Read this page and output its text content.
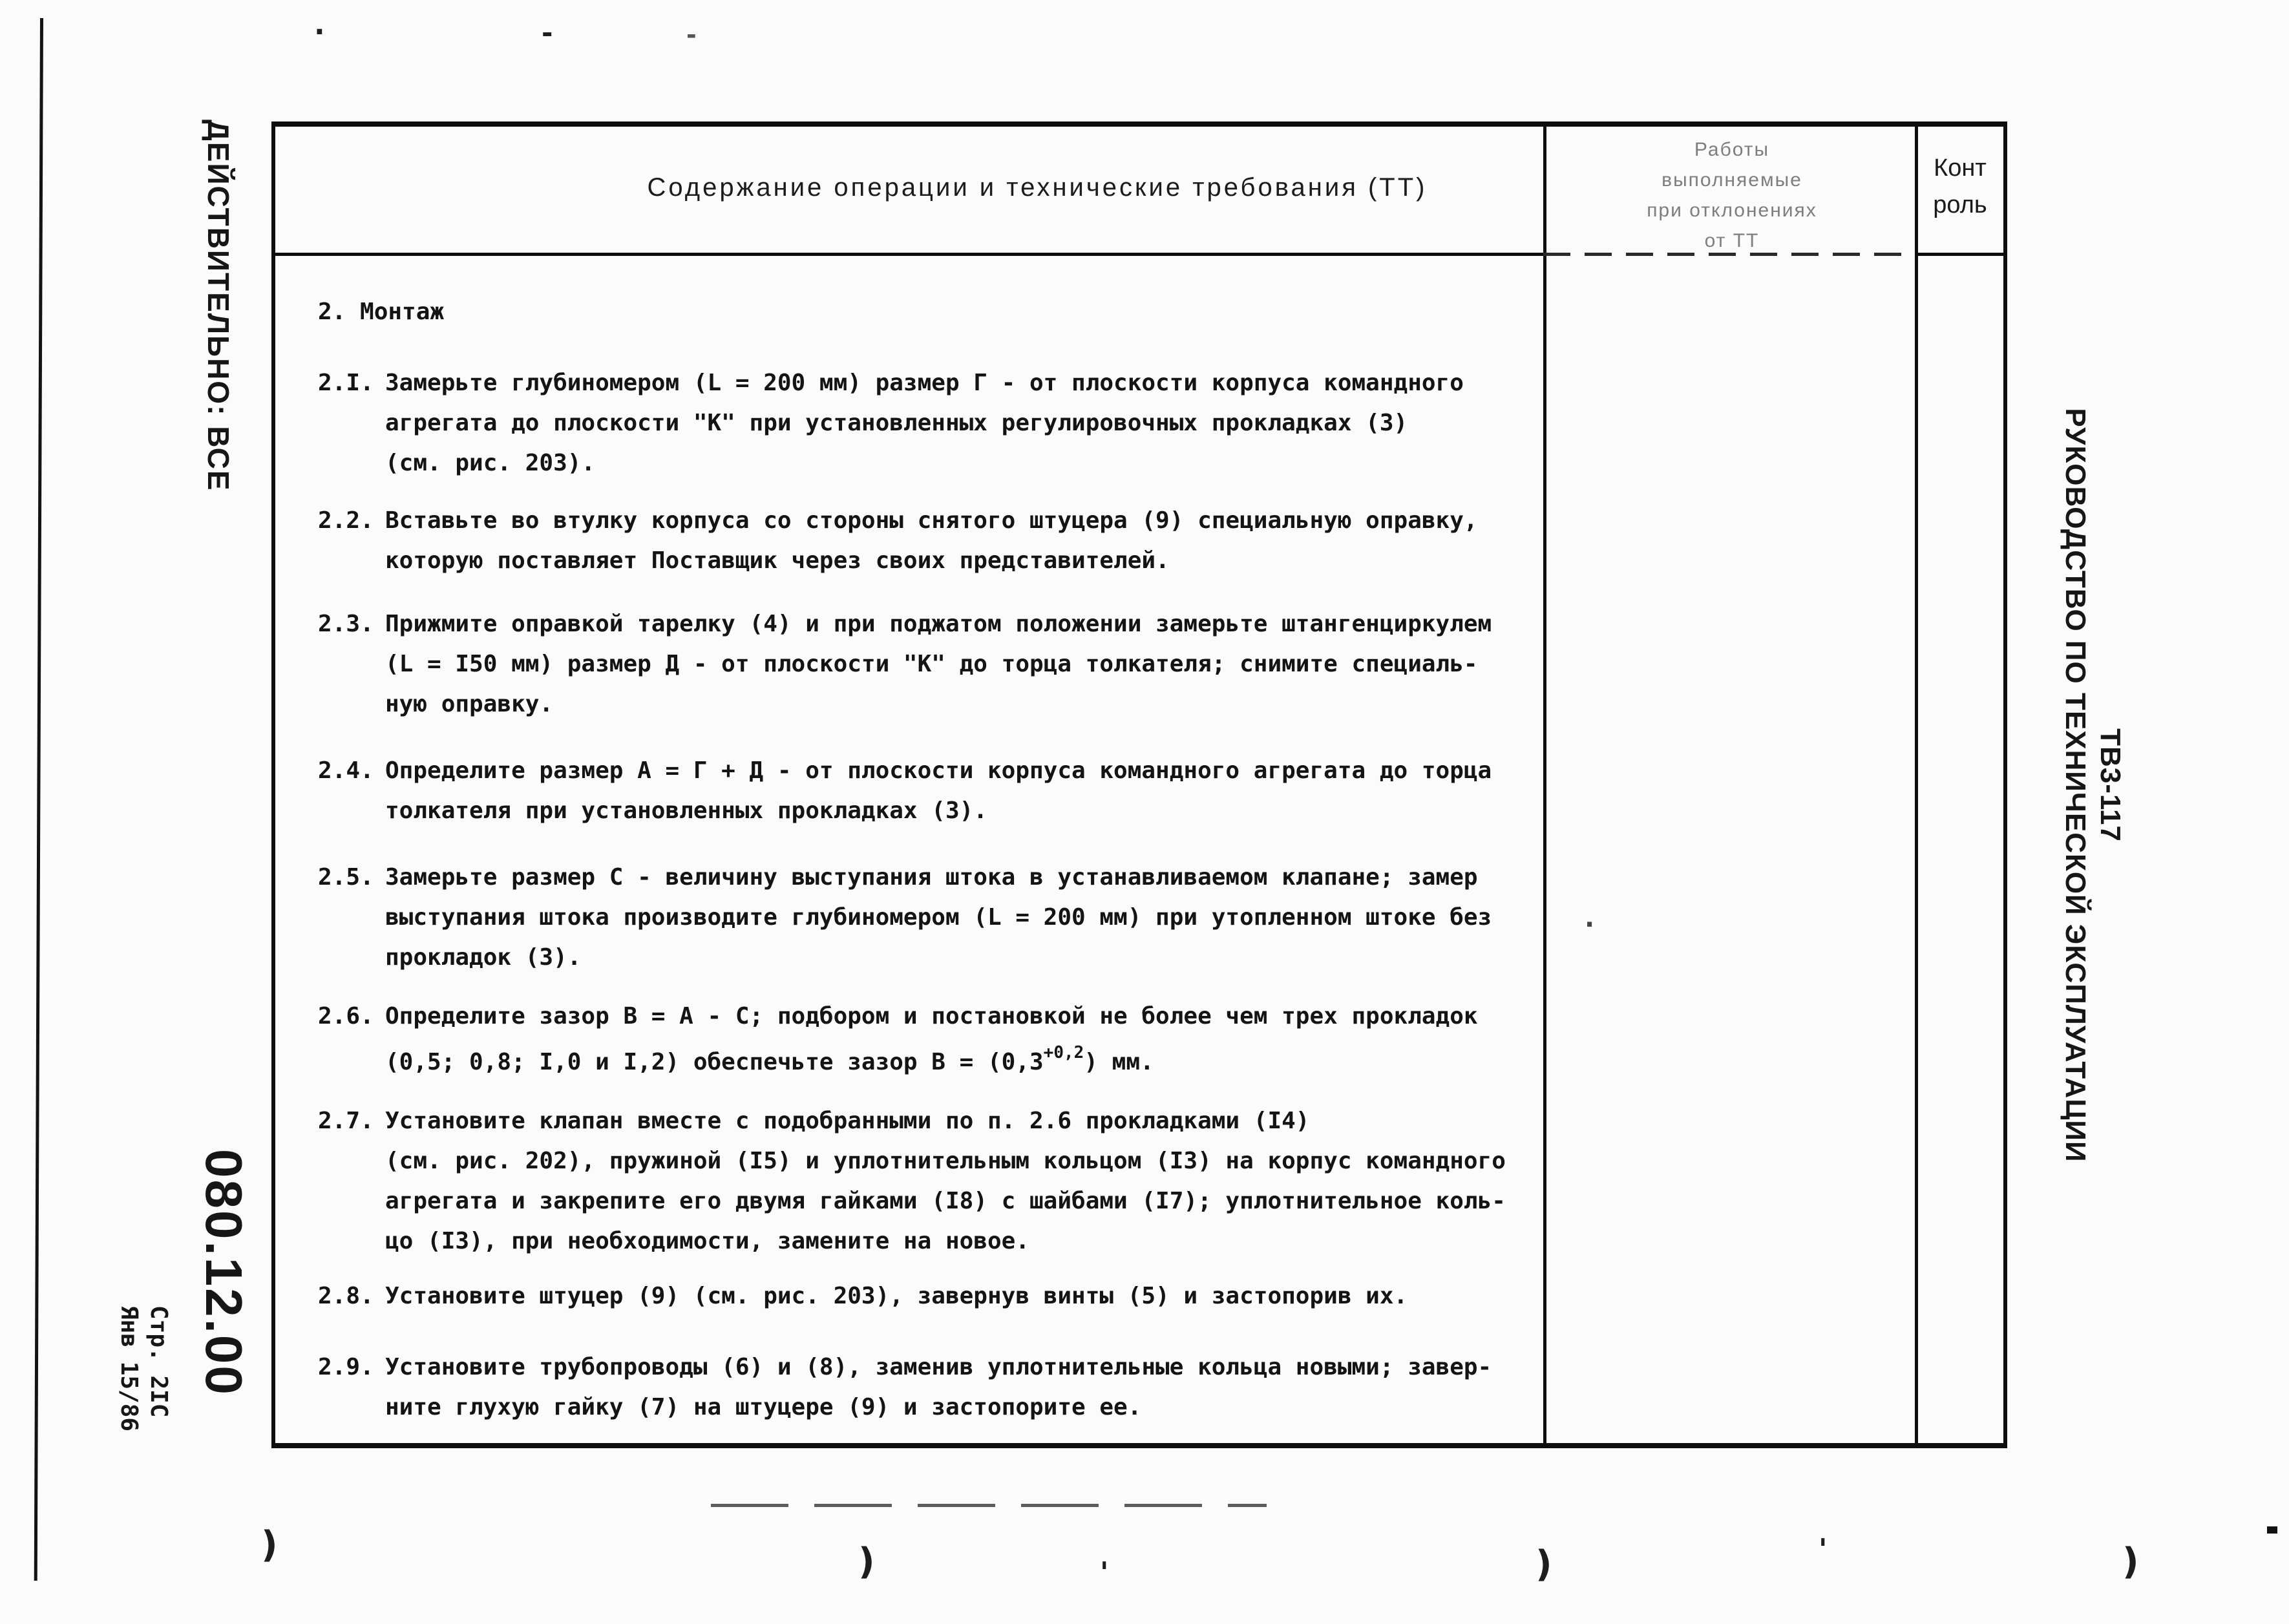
ДЕЙСТВИТЕЛЬНО: ВСЕ
080.12.00
Стр. 2IC
Янв 15/86
ТВ3-117
РУКОВОДСТВО ПО ТЕХНИЧЕСКОЙ ЭКСПЛУАТАЦИИ
Содержание операции и технические требования (ТТ)
Работы
выполняемые
при отклонениях
от ТТ
Конт
роль
2. Монтаж
2.I. Замерьте глубиномером (L = 200 мм) размер Г - от плоскости корпуса командного
агрегата до плоскости "К" при установленных регулировочных прокладках (3)
(см. рис. 203).
2.2. Вставьте во втулку корпуса со стороны снятого штуцера (9) специальную оправку,
которую поставляет Поставщик через своих представителей.
2.3. Прижмите оправкой тарелку (4) и при поджатом положении замерьте штангенциркулем
(L = I50 мм) размер Д - от плоскости "К" до торца толкателя; снимите специаль-
ную оправку.
2.4. Определите размер А = Г + Д - от плоскости корпуса командного агрегата до торца
толкателя при установленных прокладках (3).
2.5. Замерьте размер С - величину выступания штока в устанавливаемом клапане; замер
выступания штока производите глубиномером (L = 200 мм) при утопленном штоке без
прокладок (3).
2.6. Определите зазор В = А - С; подбором и постановкой не более чем трех прокладок
(0,5; 0,8; I,0 и I,2) обеспечьте зазор $В = (0,3^{+0,2})$ мм.
2.7. Установите клапан вместе с подобранными по п. 2.6 прокладками (I4)
(см. рис. 202), пружиной (I5) и уплотнительным кольцом (I3) на корпус командного
агрегата и закрепите его двумя гайками (I8) с шайбами (I7); уплотнительное коль-
цо (I3), при необходимости, замените на новое.
2.8. Установите штуцер (9) (см. рис. 203), завернув винты (5) и застопорив их.
2.9. Установите трубопроводы (6) и (8), заменив уплотнительные кольца новыми; завер-
ните глухую гайку (7) на штуцере (9) и застопорите ее.
·	-	-
.
)	)	'	)	'	)
